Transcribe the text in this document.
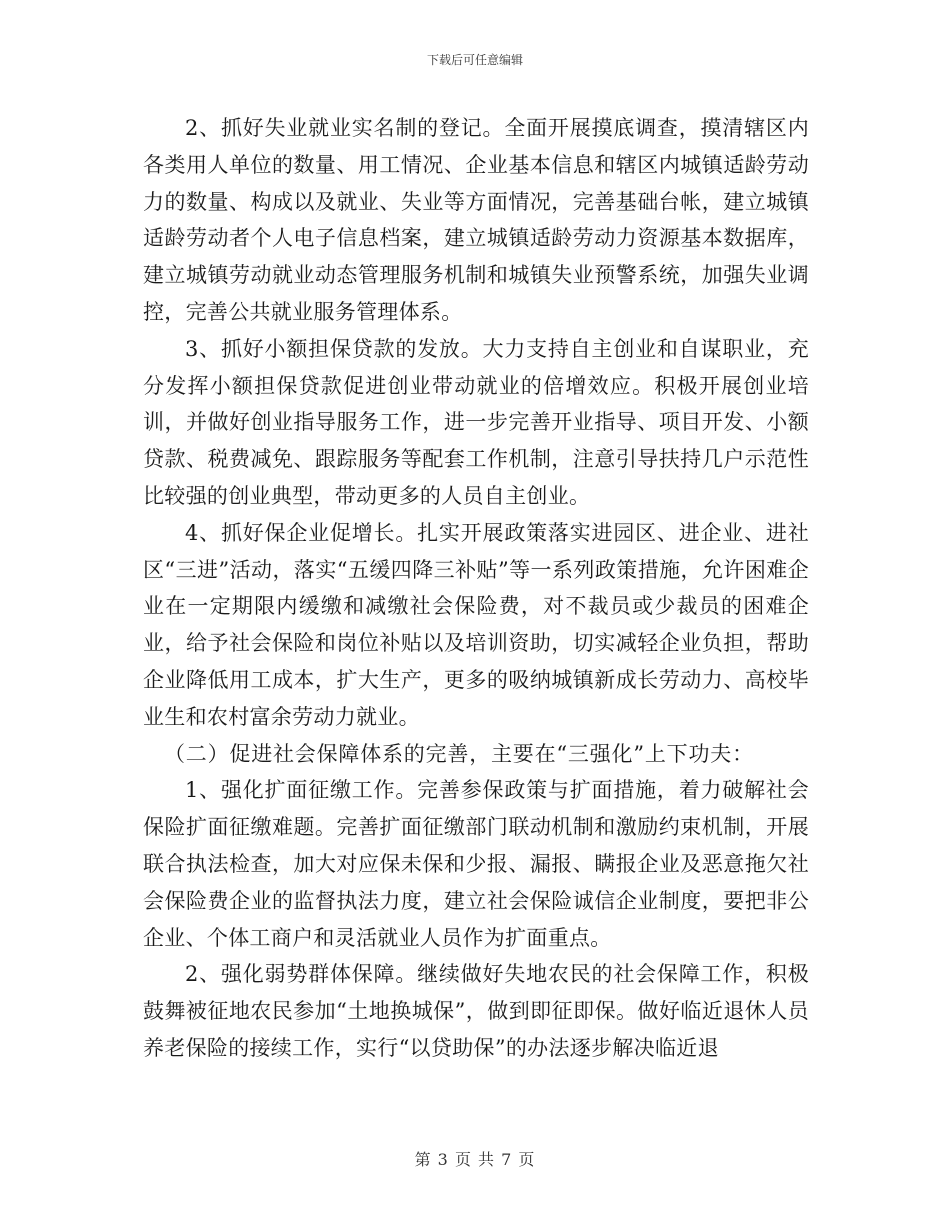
下载后可任意编辑

2、抓好失业就业实名制的登记。全面开展摸底调查，摸清辖区内各类用人单位的数量、用工情况、企业基本信息和辖区内城镇适龄劳动力的数量、构成以及就业、失业等方面情况，完善基础台帐，建立城镇适龄劳动者个人电子信息档案，建立城镇适龄劳动力资源基本数据库，建立城镇劳动就业动态管理服务机制和城镇失业预警系统，加强失业调控，完善公共就业服务管理体系。

3、抓好小额担保贷款的发放。大力支持自主创业和自谋职业，充分发挥小额担保贷款促进创业带动就业的倍增效应。积极开展创业培训，并做好创业指导服务工作，进一步完善开业指导、项目开发、小额贷款、税费减免、跟踪服务等配套工作机制，注意引导扶持几户示范性比较强的创业典型，带动更多的人员自主创业。

4、抓好保企业促增长。扎实开展政策落实进园区、进企业、进社区“三进”活动，落实“五缓四降三补贴”等一系列政策措施，允许困难企业在一定期限内缓缴和减缴社会保险费，对不裁员或少裁员的困难企业，给予社会保险和岗位补贴以及培训资助，切实减轻企业负担，帮助企业降低用工成本，扩大生产，更多的吸纳城镇新成长劳动力、高校毕业生和农村富余劳动力就业。

（二）促进社会保障体系的完善，主要在“三强化”上下功夫：

1、强化扩面征缴工作。完善参保政策与扩面措施，着力破解社会保险扩面征缴难题。完善扩面征缴部门联动机制和激励约束机制，开展联合执法检查，加大对应保未保和少报、漏报、瞒报企业及恶意拖欠社会保险费企业的监督执法力度，建立社会保险诚信企业制度，要把非公企业、个体工商户和灵活就业人员作为扩面重点。

2、强化弱势群体保障。继续做好失地农民的社会保障工作，积极鼓舞被征地农民参加“土地换城保”，做到即征即保。做好临近退休人员养老保险的接续工作，实行“以贷助保”的办法逐步解决临近退

第 3 页 共 7 页
